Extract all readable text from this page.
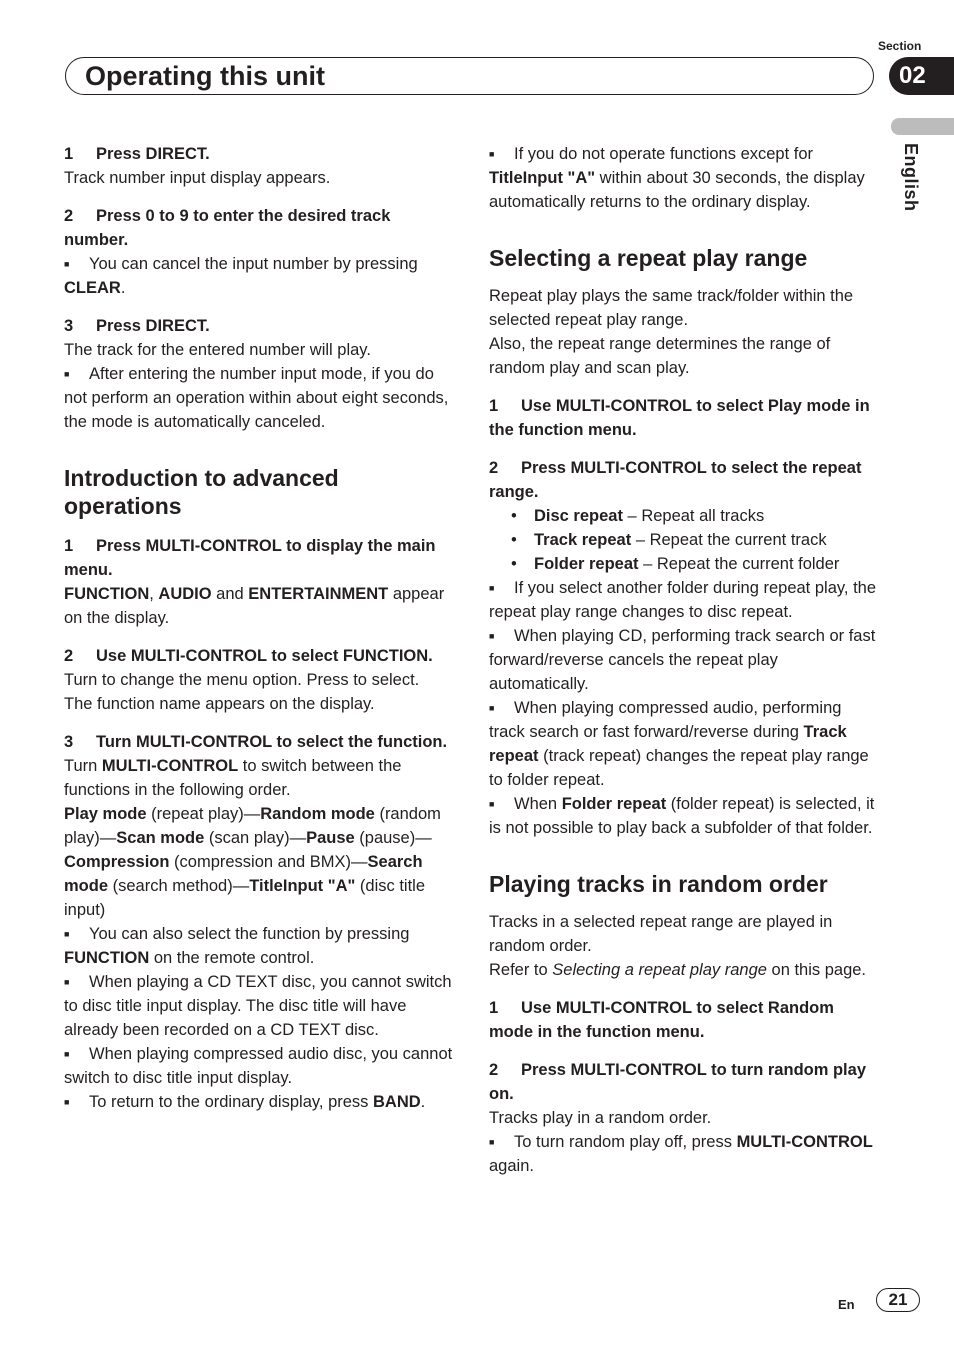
Section
Operating this unit	02
English
1 Press DIRECT.
Track number input display appears.
2 Press 0 to 9 to enter the desired track number.
■ You can cancel the input number by pressing CLEAR.
3 Press DIRECT.
The track for the entered number will play.
■ After entering the number input mode, if you do not perform an operation within about eight seconds, the mode is automatically canceled.
Introduction to advanced operations
1 Press MULTI-CONTROL to display the main menu.
FUNCTION, AUDIO and ENTERTAINMENT appear on the display.
2 Use MULTI-CONTROL to select FUNCTION.
Turn to change the menu option. Press to select.
The function name appears on the display.
3 Turn MULTI-CONTROL to select the function.
Turn MULTI-CONTROL to switch between the functions in the following order.
Play mode (repeat play)—Random mode (random play)—Scan mode (scan play)—Pause (pause)—Compression (compression and BMX)—Search mode (search method)—TitleInput "A" (disc title input)
■ You can also select the function by pressing FUNCTION on the remote control.
■ When playing a CD TEXT disc, you cannot switch to disc title input display. The disc title will have already been recorded on a CD TEXT disc.
■ When playing compressed audio disc, you cannot switch to disc title input display.
■ To return to the ordinary display, press BAND.
■ If you do not operate functions except for TitleInput "A" within about 30 seconds, the display automatically returns to the ordinary display.
Selecting a repeat play range
Repeat play plays the same track/folder within the selected repeat play range.
Also, the repeat range determines the range of random play and scan play.
1 Use MULTI-CONTROL to select Play mode in the function menu.
2 Press MULTI-CONTROL to select the repeat range.
• Disc repeat – Repeat all tracks
• Track repeat – Repeat the current track
• Folder repeat – Repeat the current folder
■ If you select another folder during repeat play, the repeat play range changes to disc repeat.
■ When playing CD, performing track search or fast forward/reverse cancels the repeat play automatically.
■ When playing compressed audio, performing track search or fast forward/reverse during Track repeat (track repeat) changes the repeat play range to folder repeat.
■ When Folder repeat (folder repeat) is selected, it is not possible to play back a subfolder of that folder.
Playing tracks in random order
Tracks in a selected repeat range are played in random order.
Refer to Selecting a repeat play range on this page.
1 Use MULTI-CONTROL to select Random mode in the function menu.
2 Press MULTI-CONTROL to turn random play on.
Tracks play in a random order.
■ To turn random play off, press MULTI-CONTROL again.
En	21
